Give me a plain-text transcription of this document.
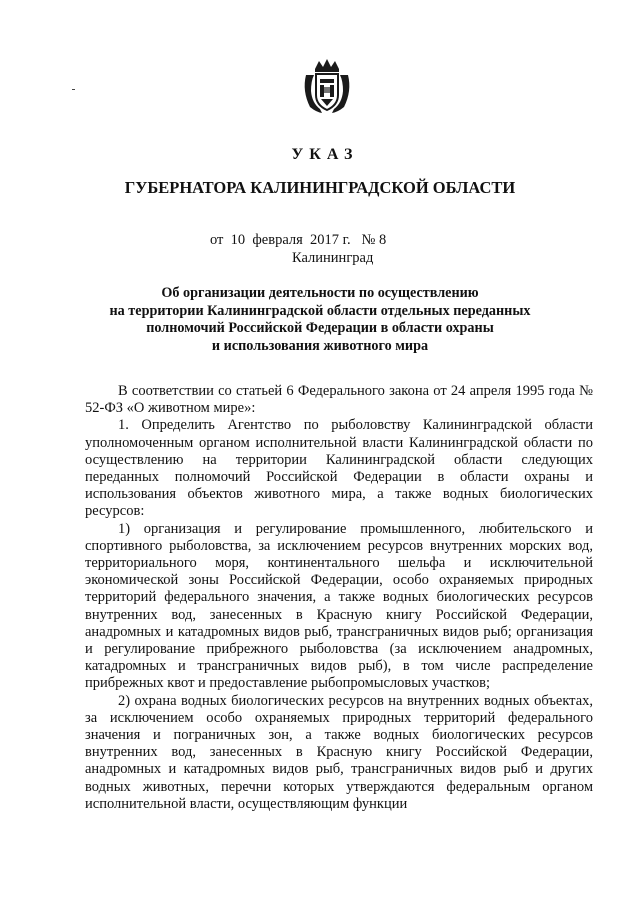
УКАЗ
ГУБЕРНАТОРА КАЛИНИНГРАДСКОЙ ОБЛАСТИ
от  10  февраля  2017 г.   № 8
Калининград
Об организации деятельности по осуществлению
на территории Калининградской области отдельных переданных
полномочий Российской Федерации в области охраны
и использования животного мира

В соответствии со статьей 6 Федерального закона от 24 апреля 1995 года № 52-ФЗ «О животном мире»:

1. Определить Агентство по рыболовству Калининградской области уполномоченным органом исполнительной власти Калининградской области по осуществлению на территории Калининградской области следующих переданных полномочий Российской Федерации в области охраны и использования объектов животного мира, а также водных биологических ресурсов:

1) организация и регулирование промышленного, любительского и спортивного рыболовства, за исключением ресурсов внутренних морских вод, территориального моря, континентального шельфа и исключительной экономической зоны Российской Федерации, особо охраняемых природных территорий федерального значения, а также водных биологических ресурсов внутренних вод, занесенных в Красную книгу Российской Федерации, анадромных и катадромных видов рыб, трансграничных видов рыб; организация и регулирование прибрежного рыболовства (за исключением анадромных, катадромных и трансграничных видов рыб), в том числе распределение прибрежных квот и предоставление рыбопромысловых участков;

2) охрана водных биологических ресурсов на внутренних водных объектах, за исключением особо охраняемых природных территорий федерального значения и пограничных зон, а также водных биологических ресурсов внутренних вод, занесенных в Красную книгу Российской Федерации, анадромных и катадромных видов рыб, трансграничных видов рыб и других водных животных, перечни которых утверждаются федеральным органом исполнительной власти, осуществляющим функции
